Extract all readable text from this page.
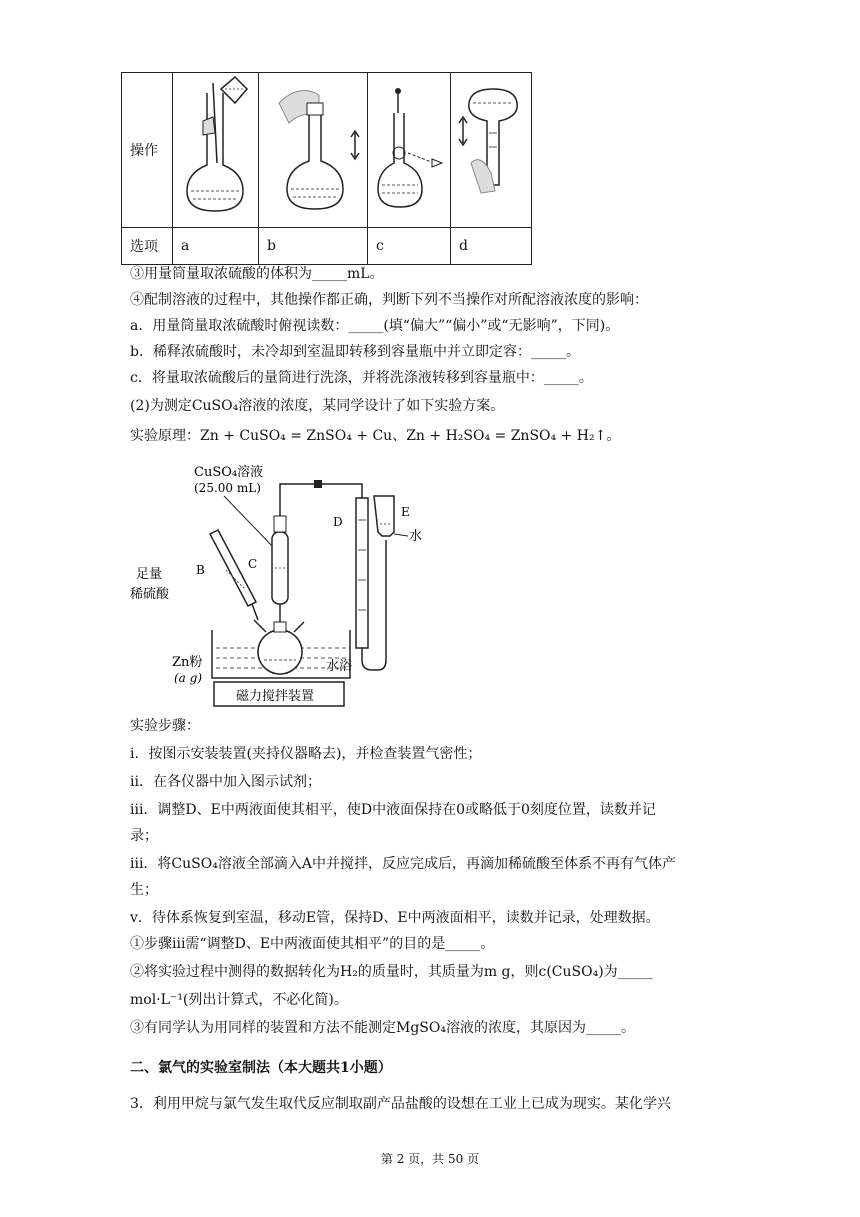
操作				
选项	a	b	c	d
③用量筒量取浓硫酸的体积为_____mL。
④配制溶液的过程中，其他操作都正确，判断下列不当操作对所配溶液浓度的影响：
a．用量筒量取浓硫酸时俯视读数：_____(填“偏大”“偏小”或“无影响”，下同)。
b．稀释浓硫酸时，未冷却到室温即转移到容量瓶中并立即定容：_____。
c．将量取浓硫酸后的量筒进行洗涤，并将洗涤液转移到容量瓶中：_____。
(2)为测定CuSO₄溶液的浓度，某同学设计了如下实验方案。
实验原理：Zn + CuSO₄ = ZnSO₄ + Cu、Zn + H₂SO₄ = ZnSO₄ + H₂↑。
CuSO₄溶液
(25.00 mL)
足量
稀硫酸
B	C
D
E
水
Zn粉
(a g)
水浴
磁力搅拌装置
实验步骤：
i．按图示安装装置(夹持仪器略去)，并检查装置气密性；
ii．在各仪器中加入图示试剂；
iii．调整D、E中两液面使其相平，使D中液面保持在0或略低于0刻度位置，读数并记
录；
iii．将CuSO₄溶液全部滴入A中并搅拌，反应完成后，再滴加稀硫酸至体系不再有气体产
生；
v．待体系恢复到室温，移动E管，保持D、E中两液面相平，读数并记录，处理数据。
①步骤iii需“调整D、E中两液面使其相平”的目的是_____。
②将实验过程中测得的数据转化为H₂的质量时，其质量为m g，则c(CuSO₄)为_____
mol·L⁻¹(列出计算式，不必化简)。
③有同学认为用同样的装置和方法不能测定MgSO₄溶液的浓度，其原因为_____。
二、氯气的实验室制法（本大题共1小题）
3．利用甲烷与氯气发生取代反应制取副产品盐酸的设想在工业上已成为现实。某化学兴
第 2 页，共 50 页
